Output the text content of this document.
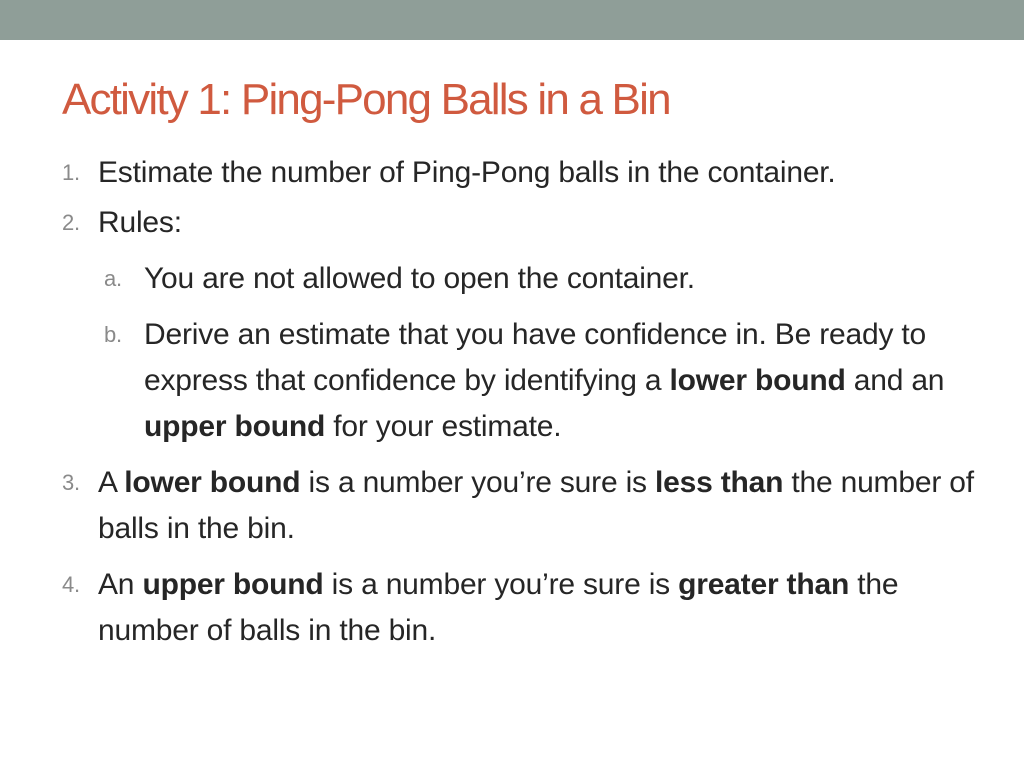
Activity 1: Ping-Pong Balls in a Bin
1. Estimate the number of Ping-Pong balls in the container.
2. Rules:
a. You are not allowed to open the container.
b. Derive an estimate that you have confidence in. Be ready to express that confidence by identifying a lower bound and an upper bound for your estimate.
3. A lower bound is a number you’re sure is less than the number of balls in the bin.
4. An upper bound is a number you’re sure is greater than the number of balls in the bin.
